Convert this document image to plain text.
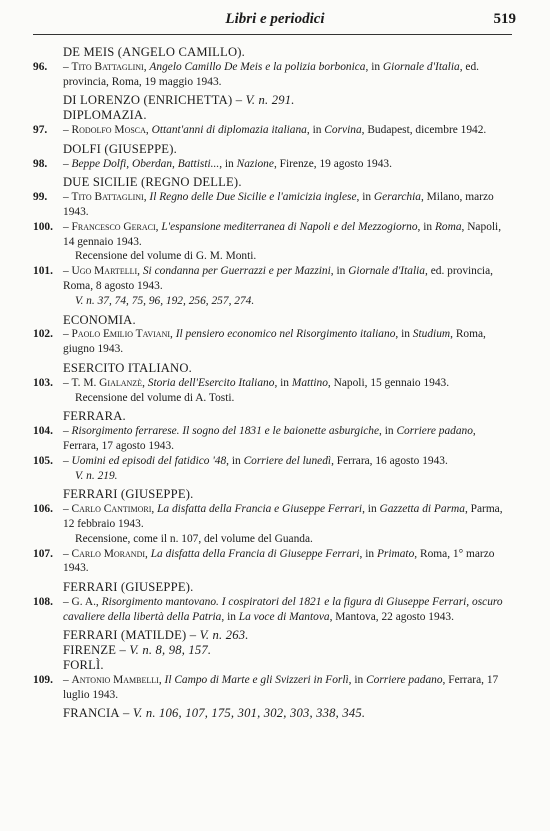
Libri e periodici	519
DE MEIS (ANGELO CAMILLO).
96. – Tito Battaglini, Angelo Camillo De Meis e la polizia borbonica, in Giornale d'Italia, ed. provincia, Roma, 19 maggio 1943.
DI LORENZO (ENRICHETTA) – V. n. 291.
DIPLOMAZIA.
97. – Rodolfo Mosca, Ottant'anni di diplomazia italiana, in Corvina, Budapest, dicembre 1942.
DOLFI (GIUSEPPE).
98. – Beppe Dolfi, Oberdan, Battisti..., in Nazione, Firenze, 19 agosto 1943.
DUE SICILIE (REGNO DELLE).
99. – Tito Battaglini, Il Regno delle Due Sicilie e l'amicizia inglese, in Gerarchia, Milano, marzo 1943.
100. – Francesco Geraci, L'espansione mediterranea di Napoli e del Mezzogiorno, in Roma, Napoli, 14 gennaio 1943.
Recensione del volume di G. M. Monti.
101. – Ugo Martelli, Si condanna per Guerrazzi e per Mazzini, in Giornale d'Italia, ed. provincia, Roma, 8 agosto 1943.
V. n. 37, 74, 75, 96, 192, 256, 257, 274.
ECONOMIA.
102. – Paolo Emilio Taviani, Il pensiero economico nel Risorgimento italiano, in Studium, Roma, giugno 1943.
ESERCITO ITALIANO.
103. – T. M. Gialanzè, Storia dell'Esercito Italiano, in Mattino, Napoli, 15 gennaio 1943.
Recensione del volume di A. Tosti.
FERRARA.
104. – Risorgimento ferrarese. Il sogno del 1831 e le baionette asburgiche, in Corriere padano, Ferrara, 17 agosto 1943.
105. – Uomini ed episodi del fatidico '48, in Corriere del lunedì, Ferrara, 16 agosto 1943.
V. n. 219.
FERRARI (GIUSEPPE).
106. – Carlo Cantimori, La disfatta della Francia e Giuseppe Ferrari, in Gazzetta di Parma, Parma, 12 febbraio 1943.
Recensione, come il n. 107, del volume del Guanda.
107. – Carlo Morandi, La disfatta della Francia di Giuseppe Ferrari, in Primato, Roma, 1° marzo 1943.
FERRARI (GIUSEPPE).
108. – G. A., Risorgimento mantovano. I cospiratori del 1821 e la figura di Giuseppe Ferrari, oscuro cavaliere della libertà della Patria, in La voce di Mantova, Mantova, 22 agosto 1943.
FERRARI (MATILDE) – V. n. 263.
FIRENZE – V. n. 8, 98, 157.
FORLÌ.
109. – Antonio Mambelli, Il Campo di Marte e gli Svizzeri in Forlì, in Corriere padano, Ferrara, 17 luglio 1943.
FRANCIA – V. n. 106, 107, 175, 301, 302, 303, 338, 345.
